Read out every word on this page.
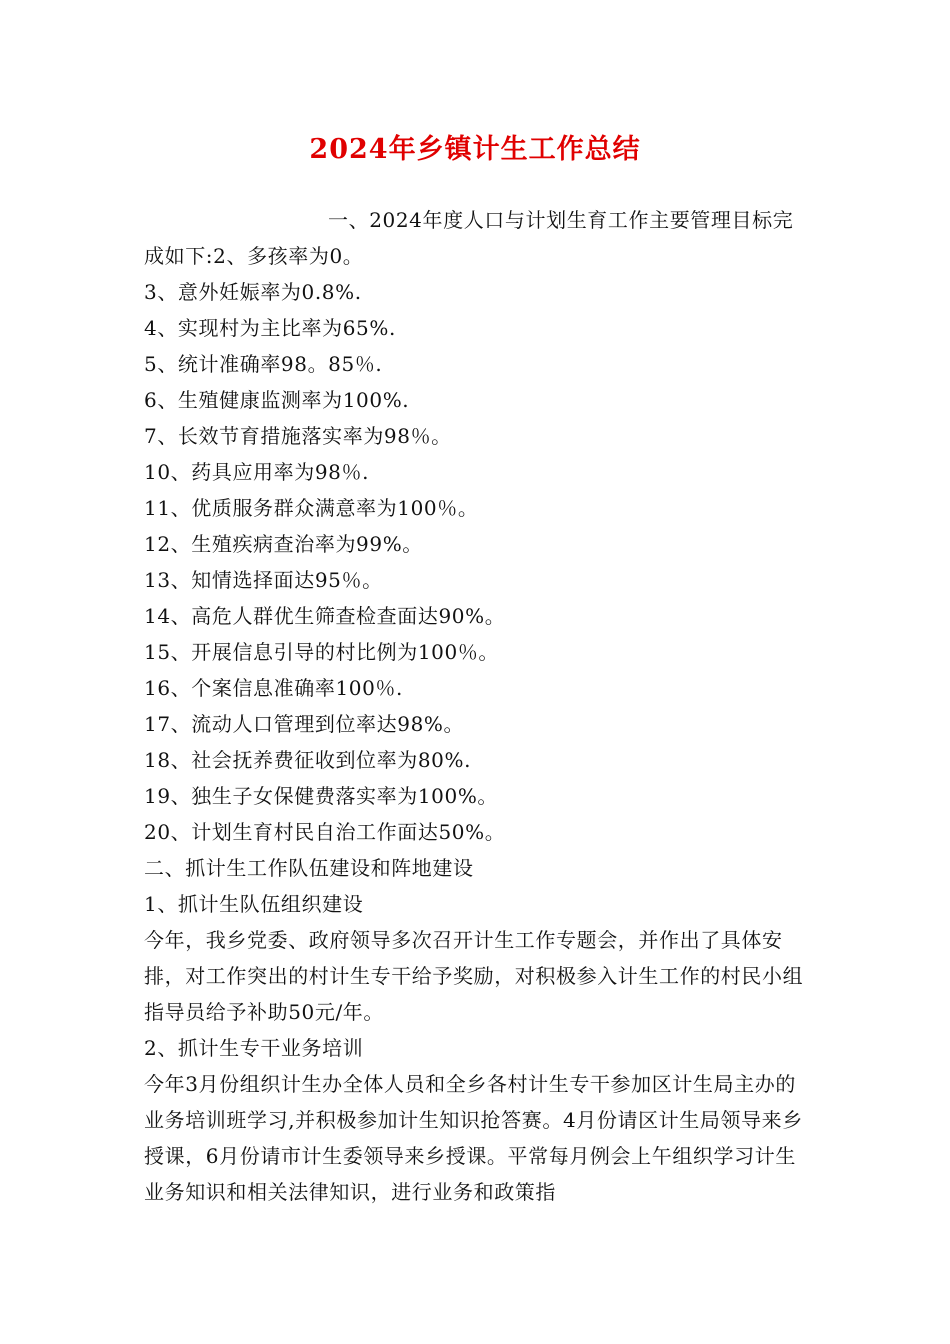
2024年乡镇计生工作总结

一、2024年度人口与计划生育工作主要管理目标完成如下:2、多孩率为0。

3、意外妊娠率为0.8%.

4、实现村为主比率为65%.

5、统计准确率98。85％.

6、生殖健康监测率为100%.

7、长效节育措施落实率为98％。

10、药具应用率为98％.

11、优质服务群众满意率为100％。

12、生殖疾病查治率为99%。

13、知情选择面达95％。

14、高危人群优生筛查检查面达90%。

15、开展信息引导的村比例为100％。

16、个案信息准确率100％.

17、流动人口管理到位率达98%。

18、社会抚养费征收到位率为80%.

19、独生子女保健费落实率为100%。

20、计划生育村民自治工作面达50%。

二、抓计生工作队伍建设和阵地建设

1、抓计生队伍组织建设

今年，我乡党委、政府领导多次召开计生工作专题会，并作出了具体安排，对工作突出的村计生专干给予奖励，对积极参入计生工作的村民小组指导员给予补助50元/年。

2、抓计生专干业务培训

今年3月份组织计生办全体人员和全乡各村计生专干参加区计生局主办的业务培训班学习,并积极参加计生知识抢答赛。4月份请区计生局领导来乡授课，6月份请市计生委领导来乡授课。平常每月例会上午组织学习计生业务知识和相关法律知识，进行业务和政策指
